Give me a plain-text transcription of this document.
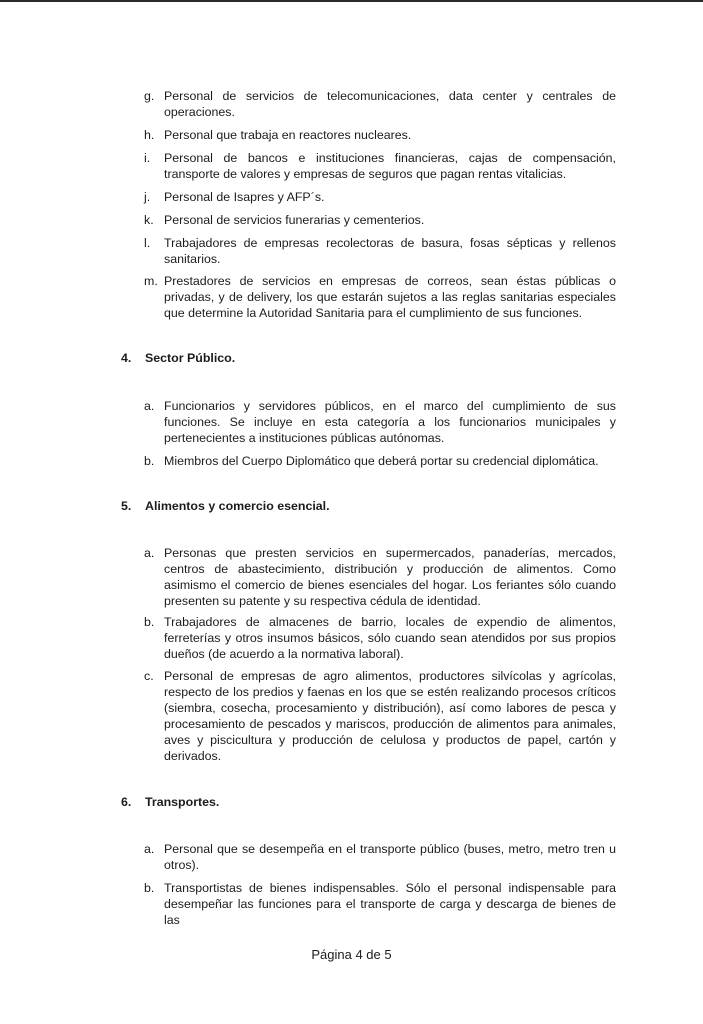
g. Personal de servicios de telecomunicaciones, data center y centrales de operaciones.
h. Personal que trabaja en reactores nucleares.
i.	Personal de bancos e instituciones financieras, cajas de compensación, transporte de valores y empresas de seguros que pagan rentas vitalicias.
j.	Personal de Isapres y AFP´s.
k. Personal de servicios funerarias y cementerios.
l.	Trabajadores de empresas recolectoras de basura, fosas sépticas y rellenos sanitarios.
m. Prestadores de servicios en empresas de correos, sean éstas públicas o privadas, y de delivery, los que estarán sujetos a las reglas sanitarias especiales que determine la Autoridad Sanitaria para el cumplimiento de sus funciones.
4. Sector Público.
a. Funcionarios y servidores públicos, en el marco del cumplimiento de sus funciones. Se incluye en esta categoría a los funcionarios municipales y pertenecientes a instituciones públicas autónomas.
b. Miembros del Cuerpo Diplomático que deberá portar su credencial diplomática.
5. Alimentos y comercio esencial.
a. Personas que presten servicios en supermercados, panaderías, mercados, centros de abastecimiento, distribución y producción de alimentos. Como asimismo el comercio de bienes esenciales del hogar. Los feriantes sólo cuando presenten su patente y su respectiva cédula de identidad.
b. Trabajadores de almacenes de barrio, locales de expendio de alimentos, ferreterías y otros insumos básicos, sólo cuando sean atendidos por sus propios dueños (de acuerdo a la normativa laboral).
c. Personal de empresas de agro alimentos, productores silvícolas y agrícolas, respecto de los predios y faenas en los que se estén realizando procesos críticos (siembra, cosecha, procesamiento y distribución), así como labores de pesca y procesamiento de pescados y mariscos, producción de alimentos para animales, aves y piscicultura y producción de celulosa y productos de papel, cartón y derivados.
6. Transportes.
a. Personal que se desempeña en el transporte público (buses, metro, metro tren u otros).
b. Transportistas de bienes indispensables. Sólo el personal indispensable para desempeñar las funciones para el transporte de carga y descarga de bienes de las
Página 4 de 5
